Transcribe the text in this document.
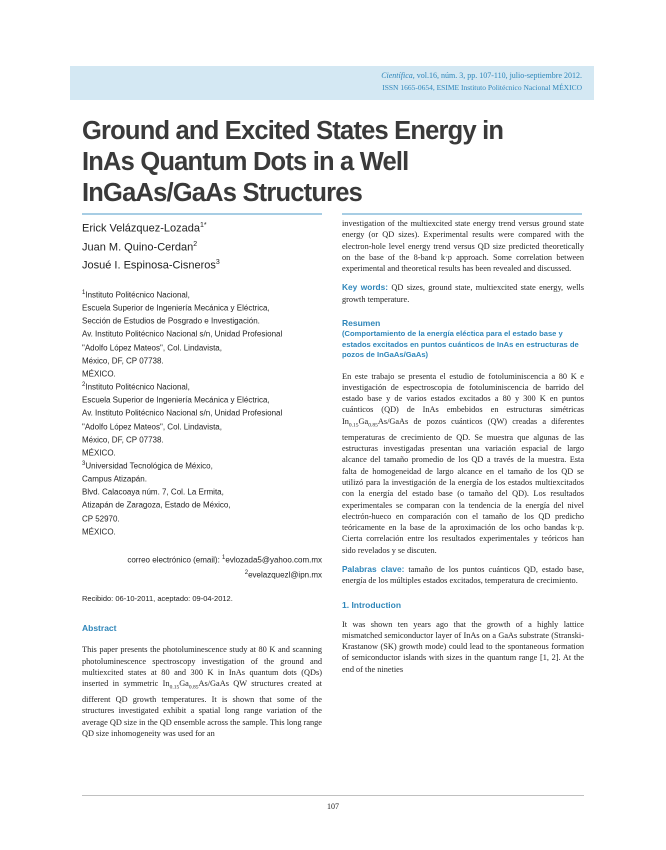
Científica, vol.16, núm. 3, pp. 107-110, julio-septiembre 2012.
ISSN 1665-0654, ESIME Instituto Politécnico Nacional MÉXICO
Ground and Excited States Energy in
InAs Quantum Dots in a Well
InGaAs/GaAs Structures
Erick Velázquez-Lozada$^{1*}$
Juan M. Quino-Cerdan$^2$
Josué I. Espinosa-Cisneros$^3$
$^1$Instituto Politécnico Nacional,
Escuela Superior de Ingeniería Mecánica y Eléctrica,
Sección de Estudios de Posgrado e Investigación.
Av. Instituto Politécnico Nacional s/n, Unidad Profesional
"Adolfo López Mateos", Col. Lindavista,
México, DF, CP 07738.
MÉXICO.
$^2$Instituto Politécnico Nacional,
Escuela Superior de Ingeniería Mecánica y Eléctrica,
Av. Instituto Politécnico Nacional s/n, Unidad Profesional
"Adolfo López Mateos", Col. Lindavista,
México, DF, CP 07738.
MÉXICO.
$^3$Universidad Tecnológica de México,
Campus Atizapán.
Blvd. Calacoaya núm. 7, Col. La Ermita,
Atizapán de Zaragoza, Estado de México,
CP 52970.
MÉXICO.
correo electrónico (email): $^1$evlozada5@yahoo.com.mx
$^2$evelazquezl@ipn.mx
Recibido: 06-10-2011, aceptado: 09-04-2012.
Abstract

This paper presents the photoluminescence study at 80 K and scanning photoluminescence spectroscopy investigation of the ground and multiexcited states at 80 and 300 K in InAs quantum dots (QDs) inserted in symmetric $In_{0.15}Ga_{0.85}As$/GaAs QW structures created at different QD growth temperatures. It is shown that some of the structures investigated exhibit a spatial long range variation of the average QD size in the QD ensemble across the sample. This long range QD size inhomogeneity was used for an

investigation of the multiexcited state energy trend versus ground state energy (or QD sizes). Experimental results were compared with the electron-hole level energy trend versus QD size predicted theoretically on the base of the 8-band k·p approach. Some correlation between experimental and theoretical results has been revealed and discussed.

Key words: QD sizes, ground state, multiexcited state energy, wells growth temperature.

Resumen
(Comportamiento de la energía eléctica para el estado base y estados excitados en puntos cuánticos de InAs en estructuras de pozos de InGaAs/GaAs)

En este trabajo se presenta el estudio de fotoluminiscencia a 80 K e investigación de espectroscopia de fotoluminiscencia de barrido del estado base y de varios estados excitados a 80 y 300 K en puntos cuánticos (QD) de InAs embebidos en estructuras simétricas $In_{0.15}Ga_{0.85}As$/GaAs de pozos cuánticos (QW) creadas a diferentes temperaturas de crecimiento de QD. Se muestra que algunas de las estructuras investigadas presentan una variación espacial de largo alcance del tamaño promedio de los QD a través de la muestra. Esta falta de homogeneidad de largo alcance en el tamaño de los QD se utilizó para la investigación de la energía de los estados multiexcitados con la energía del estado base (o tamaño del QD). Los resultados experimentales se comparan con la tendencia de la energía del nivel electrón-hueco en comparación con el tamaño de los QD predicho teóricamente en la base de la aproximación de los ocho bandas k·p. Cierta correlación entre los resultados experimentales y teóricos han sido revelados y se discuten.

Palabras clave: tamaño de los puntos cuánticos QD, estado base, energía de los múltiples estados excitados, temperatura de crecimiento.

1. Introduction

It was shown ten years ago that the growth of a highly lattice mismatched semiconductor layer of InAs on a GaAs substrate (Stranski-Krastanow (SK) growth mode) could lead to the spontaneous formation of semiconductor islands with sizes in the quantum range [1, 2]. At the end of the nineties

107
